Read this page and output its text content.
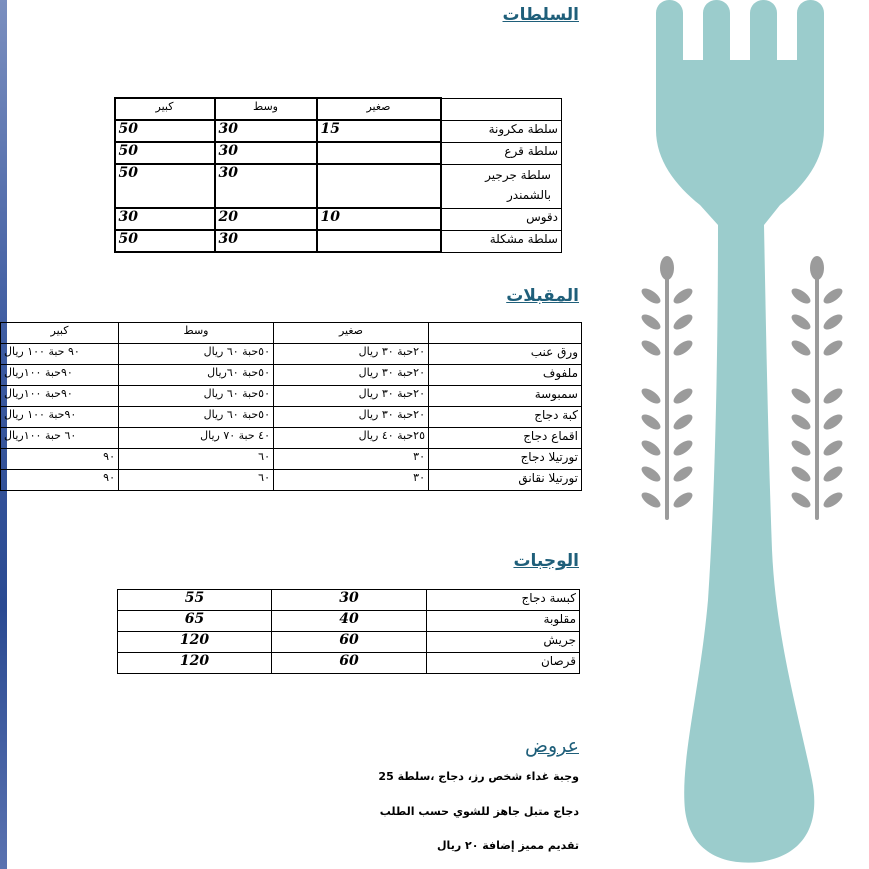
السلطات
	صغير	وسط	كبير
سلطة مكرونة	15	30	50
سلطة قرع		30	50
سلطة جرجير بالشمندر		30	50
دقوس	10	20	30
سلطة مشكلة		30	50
المقبلات
	صغير	وسط	كبير
ورق عنب	٢٠حبة ٣٠ ريال	٥٠حبة ٦٠ ريال	٩٠ حبة ١٠٠ ريال
ملفوف	٢٠حبة ٣٠ ريال	٥٠حبة ٦٠ريال	٩٠حبة ١٠٠ريال
سمبوسة	٢٠حبة ٣٠ ريال	٥٠حبة ٦٠ ريال	٩٠حبة ١٠٠ريال
كبة دجاج	٢٠حبة ٣٠ ريال	٥٠حبة ٦٠ ريال	٩٠حبة ١٠٠ ريال
اقماع دجاج	٢٥حبة ٤٠ ريال	٤٠ حبة ٧٠ ريال	٦٠ حبة ١٠٠ريال
تورتيلا دجاج	٣٠	٦٠	٩٠
تورتيلا نقانق	٣٠	٦٠	٩٠
الوجبات
كبسة دجاج	30	55
مقلوبة	40	65
جريش	60	120
قرصان	60	120
عروض
وجبة غداء شخص رز، دجاج ،سلطة 25
دجاج متبل جاهز للشوي حسب الطلب
تقديم مميز إضافة ٢٠ ريال
